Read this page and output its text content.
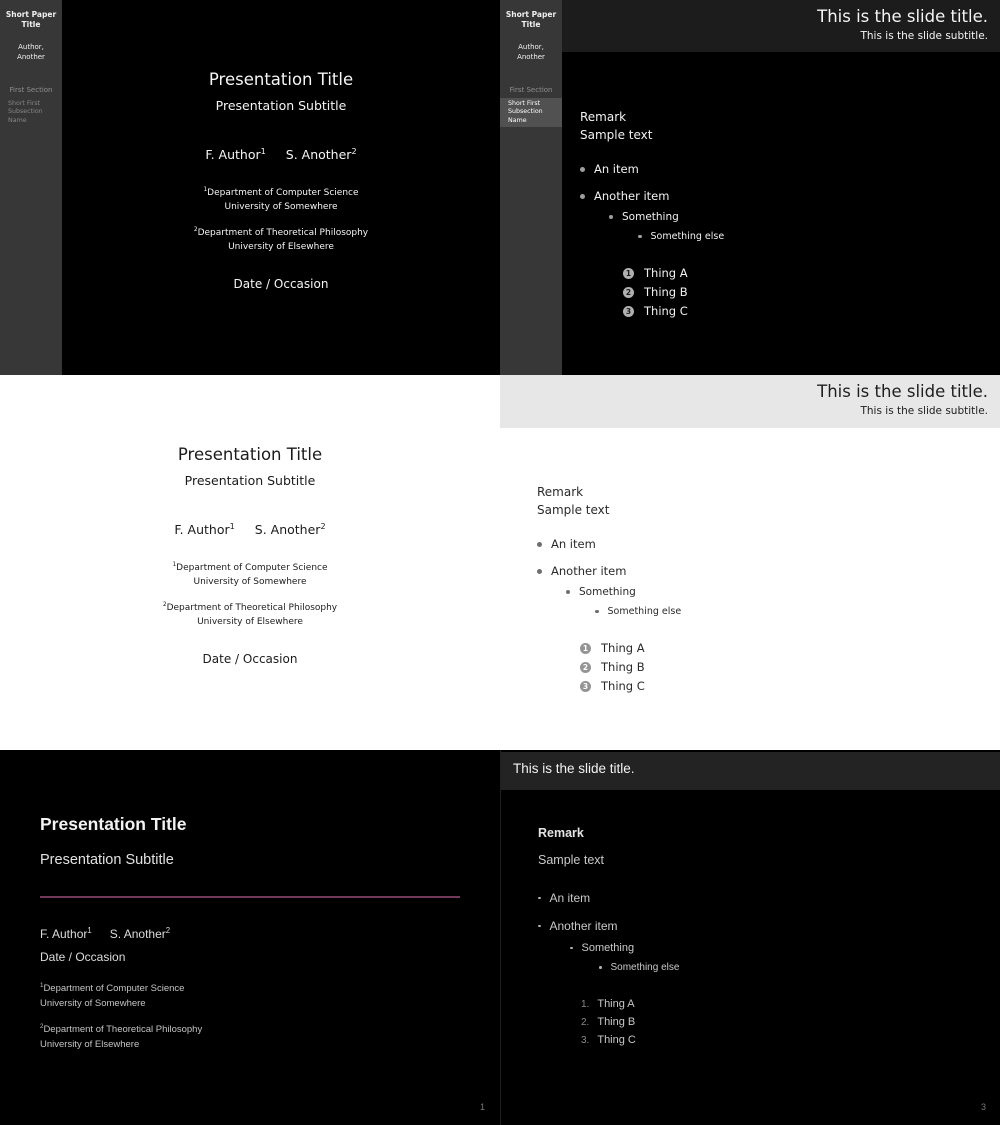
Short Paper Title
Author, Another
First Section
Short First Subsection Name
Presentation Title
Presentation Subtitle
F. Author$^1$ S. Another$^2$
$^1$Department of Computer Science
University of Somewhere
$^2$Department of Theoretical Philosophy
University of Elsewhere
Date / Occasion
Short Paper Title
Author, Another
First Section
Short First Subsection Name
This is the slide title.
This is the slide subtitle.
Remark
Sample text
An item
Another item
Something
Something else
1 Thing A
2 Thing B
3 Thing C
Presentation Title
Presentation Subtitle
F. Author$^1$ S. Another$^2$
$^1$Department of Computer Science
University of Somewhere
$^2$Department of Theoretical Philosophy
University of Elsewhere
Date / Occasion
This is the slide title.
This is the slide subtitle.
Remark
Sample text
An item
Another item
Something
Something else
1 Thing A
2 Thing B
3 Thing C
Presentation Title
Presentation Subtitle
F. Author$^1$ S. Another$^2$
Date / Occasion
$^1$Department of Computer Science
University of Somewhere
$^2$Department of Theoretical Philosophy
University of Elsewhere
1
This is the slide title.
Remark
Sample text
An item
Another item
Something
Something else
1. Thing A
2. Thing B
3. Thing C
3
